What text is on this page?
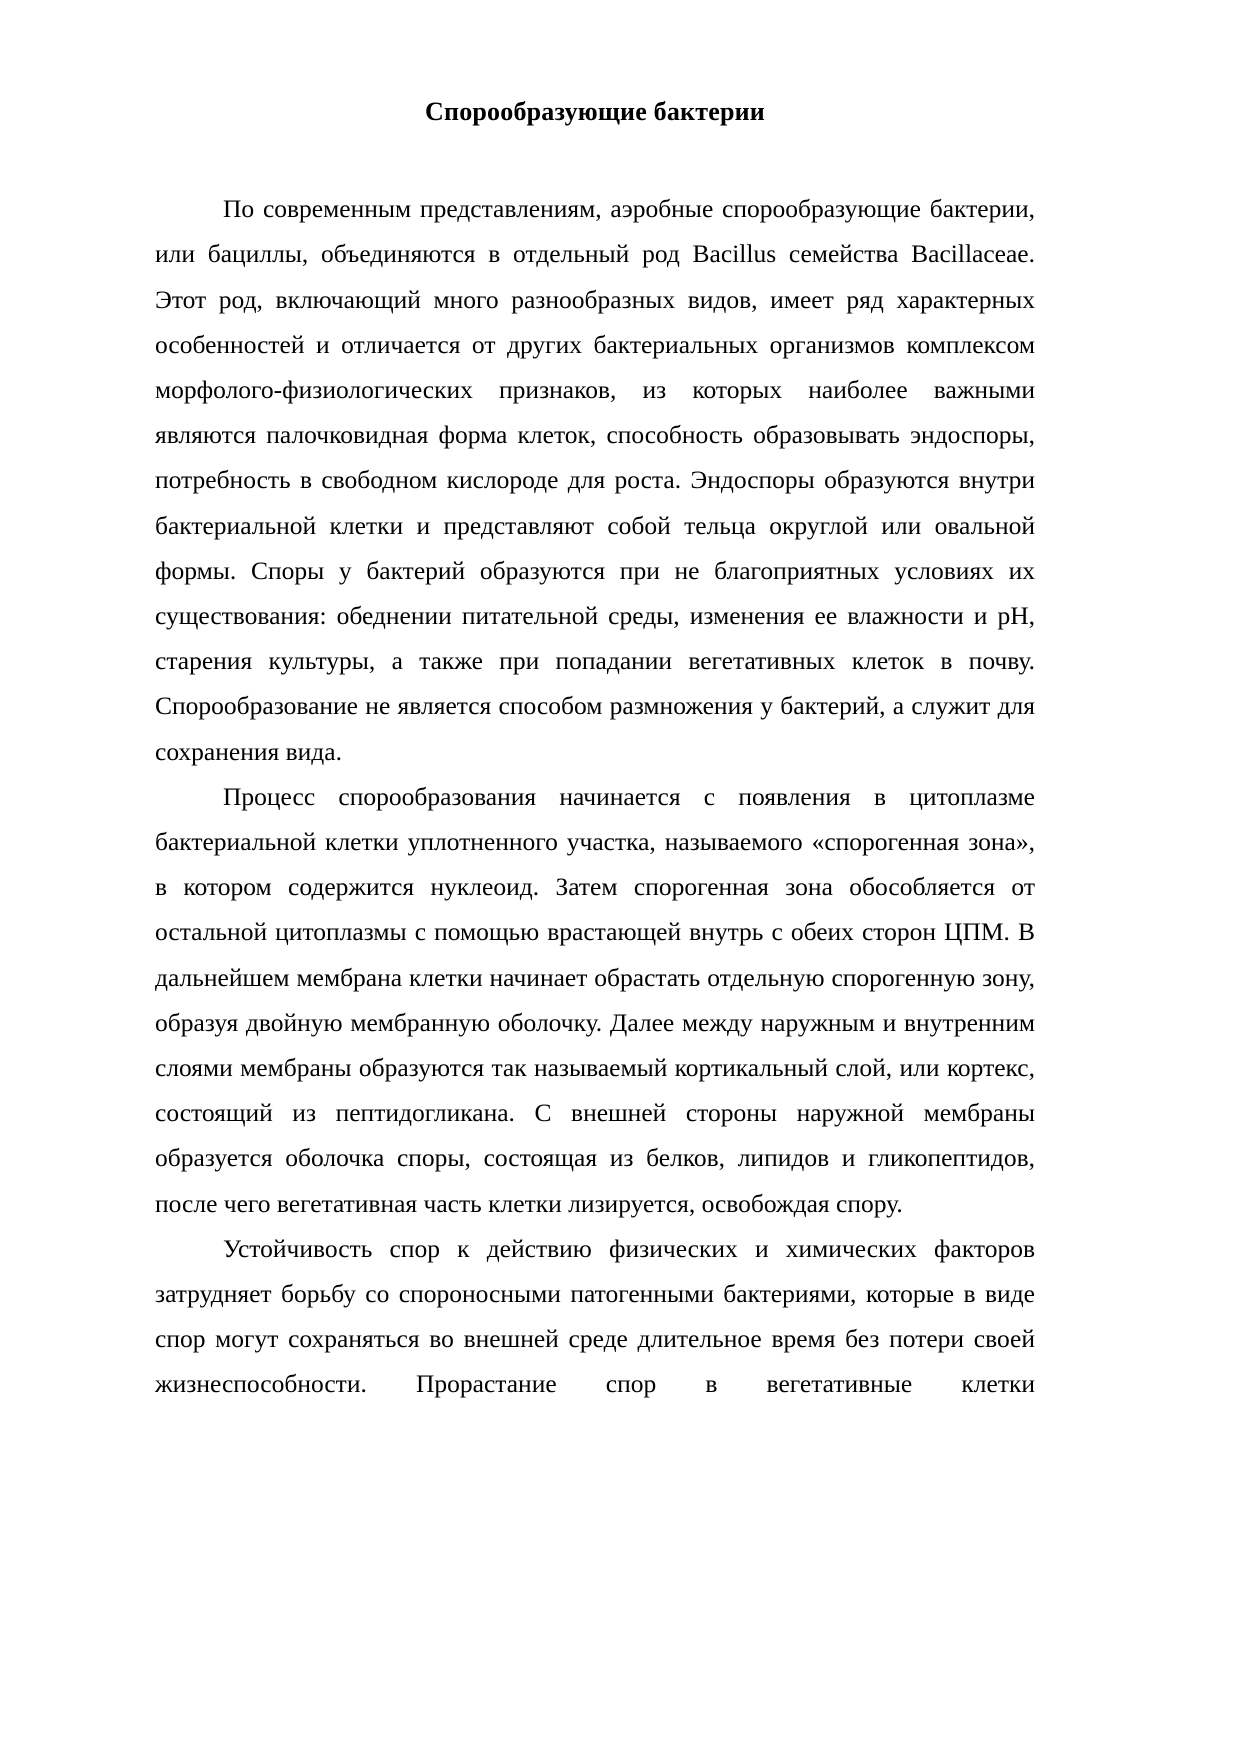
Спорообразующие бактерии

По современным представлениям, аэробные спорообразующие бактерии, или бациллы, объединяются в отдельный род Bacillus семейства Bacillaceae. Этот род, включающий много разнообразных видов, имеет ряд характерных особенностей и отличается от других бактериальных организмов комплексом морфолого-физиологических признаков, из которых наиболее важными являются палочковидная форма клеток, способность образовывать эндоспоры, потребность в свободном кислороде для роста. Эндоспоры образуются внутри бактериальной клетки и представляют собой тельца округлой или овальной формы. Споры у бактерий образуются при не благоприятных условиях их существования: обеднении питательной среды, изменения ее влажности и pH, старения культуры, а также при попадании вегетативных клеток в почву. Спорообразование не является способом размножения у бактерий, а служит для сохранения вида.

Процесс спорообразования начинается с появления в цитоплазме бактериальной клетки уплотненного участка, называемого «спорогенная зона», в котором содержится нуклеоид. Затем спорогенная зона обособляется от остальной цитоплазмы с помощью врастающей внутрь с обеих сторон ЦПМ. В дальнейшем мембрана клетки начинает обрастать отдельную спорогенную зону, образуя двойную мембранную оболочку. Далее между наружным и внутренним слоями мембраны образуются так называемый кортикальный слой, или кортекс, состоящий из пептидогликана. С внешней стороны наружной мембраны образуется оболочка споры, состоящая из белков, липидов и гликопептидов, после чего вегетативная часть клетки лизируется, освобождая спору.

Устойчивость спор к действию физических и химических факторов затрудняет борьбу со спороносными патогенными бактериями, которые в виде спор могут сохраняться во внешней среде длительное время без потери своей жизнеспособности. Прорастание спор в вегетативные клетки
